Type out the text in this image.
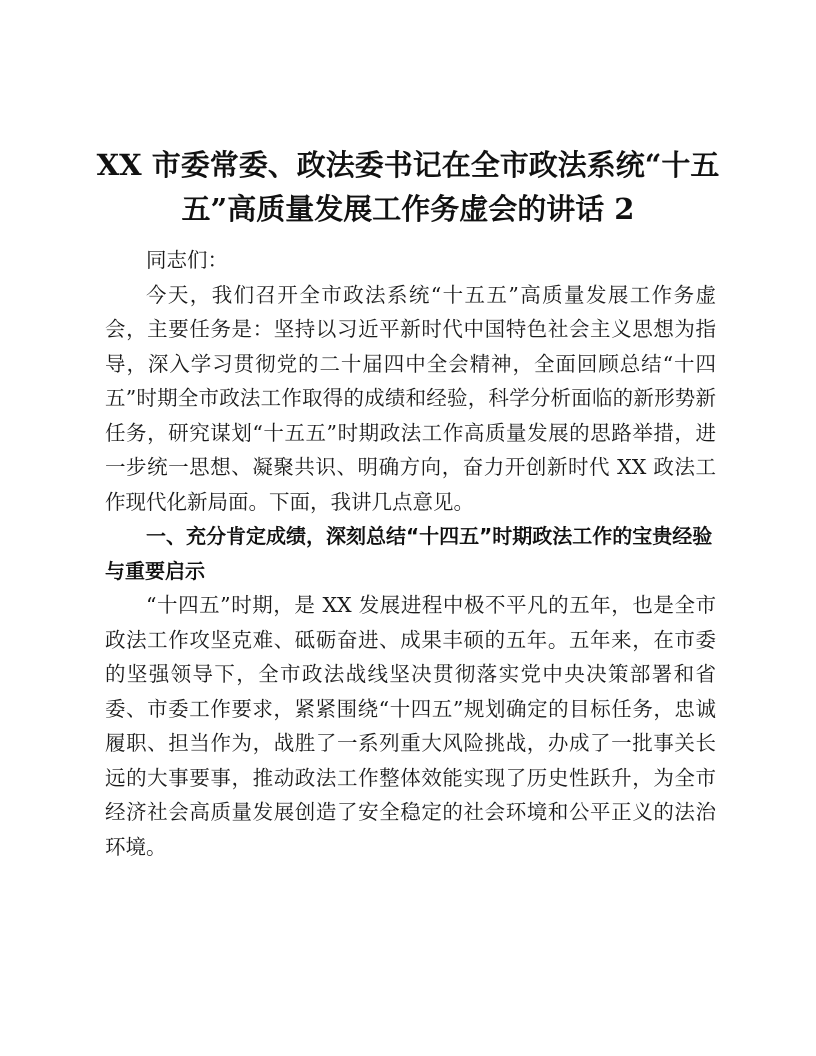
XX 市委常委、政法委书记在全市政法系统“十五五”高质量发展工作务虚会的讲话 2

同志们：

今天，我们召开全市政法系统“十五五”高质量发展工作务虚会，主要任务是：坚持以习近平新时代中国特色社会主义思想为指导，深入学习贯彻党的二十届四中全会精神，全面回顾总结“十四五”时期全市政法工作取得的成绩和经验，科学分析面临的新形势新任务，研究谋划“十五五”时期政法工作高质量发展的思路举措，进一步统一思想、凝聚共识、明确方向，奋力开创新时代 XX 政法工作现代化新局面。下面，我讲几点意见。

一、充分肯定成绩，深刻总结“十四五”时期政法工作的宝贵经验与重要启示

“十四五”时期，是 XX 发展进程中极不平凡的五年，也是全市政法工作攻坚克难、砥砺奋进、成果丰硕的五年。五年来，在市委的坚强领导下，全市政法战线坚决贯彻落实党中央决策部署和省委、市委工作要求，紧紧围绕“十四五”规划确定的目标任务，忠诚履职、担当作为，战胜了一系列重大风险挑战，办成了一批事关长远的大事要事，推动政法工作整体效能实现了历史性跃升，为全市经济社会高质量发展创造了安全稳定的社会环境和公平正义的法治环境。
